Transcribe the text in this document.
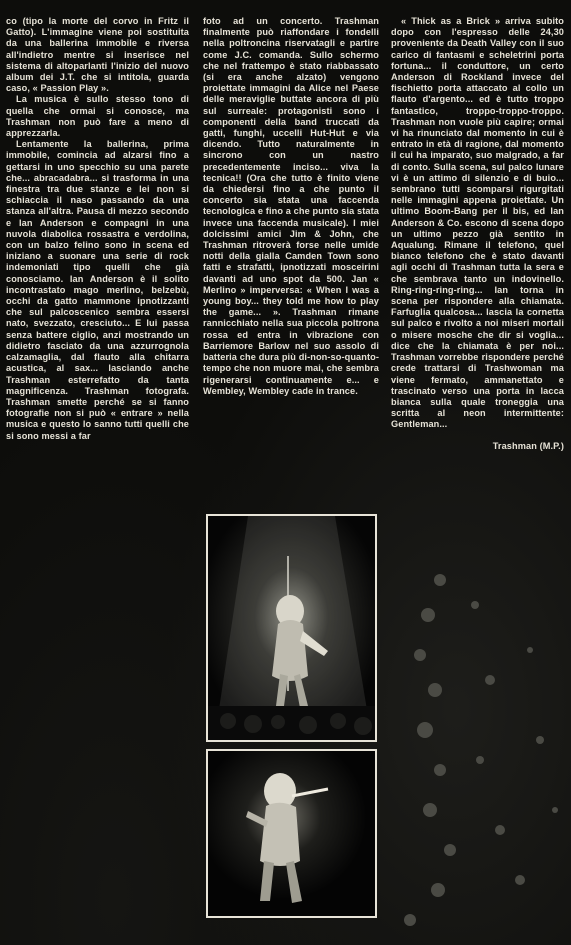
co (tipo la morte del corvo in Fritz il Gatto). L'immagine viene poi sostituita da una ballerina immobile e riversa all'indietro mentre si inserisce nel sistema di altoparlanti l'inizio del nuovo album dei J.T. che si intitola, guarda caso, « Passion Play ».

La musica è sullo stesso tono di quella che ormai si conosce, ma Trashman non può fare a meno di apprezzarla.

Lentamente la ballerina, prima immobile, comincia ad alzarsi fino a gettarsi in uno specchio su una parete che... abracadabra... si trasforma in una finestra tra due stanze e lei non si schiaccia il naso passando da una stanza all'altra. Pausa di mezzo secondo e Ian Anderson e compagni in una nuvola diabolica rossastra e verdolina, con un balzo felino sono in scena ed iniziano a suonare una serie di rock indemoniati tipo quelli che già conosciamo. Ian Anderson è il solito incontrastato mago merlino, belzebù, occhi da gatto mammone ipnotizzanti che sul palcoscenico sembra essersi nato, svezzato, cresciuto... E lui passa senza battere ciglio, anzi mostrando un didietro fasciato da una azzurrognola calzamaglia, dal flauto alla chitarra acustica, al sax... lasciando anche Trashman esterrefatto da tanta magnificenza. Trashman fotografa. Trashman smette perché se si fanno fotografie non si può « entrare » nella musica e questo lo sanno tutti quelli che si sono messi a far

foto ad un concerto. Trashman finalmente può riaffondare i fondelli nella poltroncina riservatagli e partire come J.C. comanda. Sullo schermo che nel frattempo è stato riabbassato (si era anche alzato) vengono proiettate immagini da Alice nel Paese delle meraviglie buttate ancora di più sul surreale: protagonisti sono i componenti della band truccati da gatti, funghi, uccelli Hut-Hut e via dicendo. Tutto naturalmente in sincrono con un nastro precedentemente inciso... viva la tecnica!! (Ora che tutto è finito viene da chiedersi fino a che punto il concerto sia stata una faccenda tecnologica e fino a che punto sia stata invece una faccenda musicale). I miei dolcissimi amici Jim & John, che Trashman ritroverà forse nelle umide notti della gialla Camden Town sono fatti e strafatti, ipnotizzati mosceirini davanti ad uno spot da 500. Jan « Merlino » imperversa: « When I was a young boy... they told me how to play the game... ». Trashman rimane rannicchiato nella sua piccola poltrona rossa ed entra in vibrazione con Barriemore Barlow nel suo assolo di batteria che dura più di-non-so-quanto-tempo che non muore mai, che sembra rigenerarsi continuamente e... e Wembley, Wembley cade in trance.

« Thick as a Brick » arriva subito dopo con l'espresso delle 24,30 proveniente da Death Valley con il suo carico di fantasmi e scheletrini porta fortuna... il conduttore, un certo Anderson di Rockland invece del fischietto porta attaccato al collo un flauto d'argento... ed è tutto troppo fantastico, troppo-troppo-troppo. Trashman non vuole più capire; ormai vi ha rinunciato dal momento in cui è entrato in età di ragione, dal momento il cui ha imparato, suo malgrado, a far di conto. Sulla scena, sul palco lunare vi è un attimo di silenzio e di buio... sembrano tutti scomparsi rigurgitati nelle immagini appena proiettate. Un ultimo Boom-Bang per il bis, ed Ian Anderson & Co. escono di scena dopo un ultimo pezzo già sentito in Aqualung. Rimane il telefono, quel bianco telefono che è stato davanti agli occhi di Trashman tutta la sera e che sembrava tanto un indovinello. Ring-ring-ring-ring... Ian torna in scena per rispondere alla chiamata. Farfuglia qualcosa... lascia la cornetta sul palco e rivolto a noi miseri mortali o misere mosche che dir si voglia... dice che la chiamata è per noi... Trashman vorrebbe rispondere perché crede trattarsi di Trashwoman ma viene fermato, ammanettato e trascinato verso una porta in lacca bianca sulla quale troneggia una scritta al neon intermittente: Gentleman...

Trashman (M.P.)
